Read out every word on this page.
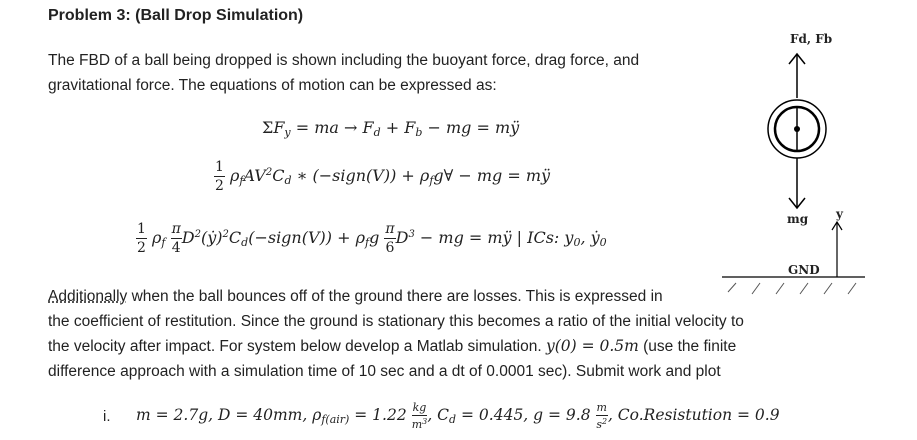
Problem 3: (Ball Drop Simulation)
The FBD of a ball being dropped is shown including the buoyant force, drag force, and
gravitational force. The equations of motion can be expressed as:
$\Sigma F_y$ = ma → $F_d + F_b$ − mg = mÿ
$\frac{1}{2} \rho_fAV^2C_d$ ∗ (−sign(V)) + $\rho_fg\forall$ − mg = mÿ
$\frac{1}{2} \rho_f \frac{\pi}{4}$ $D^2(ẏ)^2C_d(-sign(V)) + \rho_fg \frac{\pi}{6} D^3$ − mg = mÿ | ICs: $y_0$, ẏ$_0$
Additionally when the ball bounces off of the ground there are losses. This is expressed in
the coefficient of restitution. Since the ground is stationary this becomes a ratio of the initial velocity to
the velocity after impact. For system below develop a Matlab simulation. y(0) = 0.5m (use the finite
difference approach with a simulation time of 10 sec and a dt of 0.0001 sec). Submit work and plot
i. m = 2.7g, D = 40mm, $\rho_{f(air)} = 1.22 \frac{kg}{m^3}$ , $C_d = 0.445$, $g = 9.8 \frac{m}{s^2}$ , Co.Resistution = 0.9
Fd, Fb
mg y
GND
